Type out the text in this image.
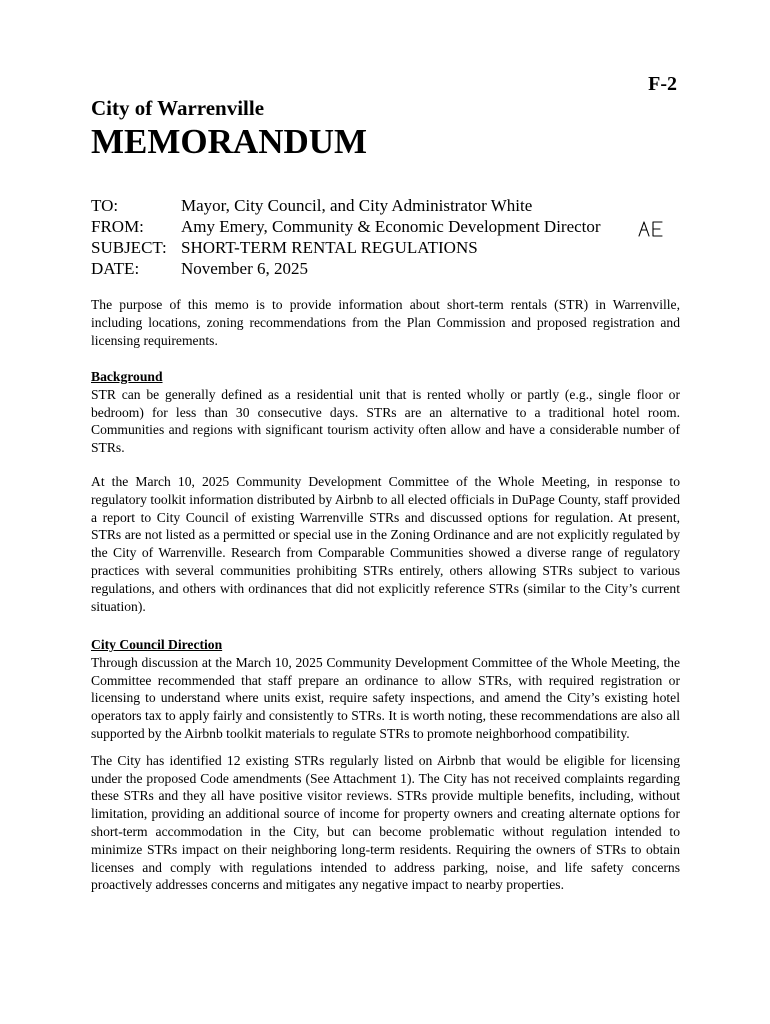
F-2
City of Warrenville
MEMORANDUM
TO:	Mayor, City Council, and City Administrator White
FROM:	Amy Emery, Community & Economic Development Director
SUBJECT: SHORT-TERM RENTAL REGULATIONS
DATE:	November 6, 2025

The purpose of this memo is to provide information about short-term rentals (STR) in Warrenville, including locations, zoning recommendations from the Plan Commission and proposed registration and licensing requirements.

Background

STR can be generally defined as a residential unit that is rented wholly or partly (e.g., single floor or bedroom) for less than 30 consecutive days. STRs are an alternative to a traditional hotel room. Communities and regions with significant tourism activity often allow and have a considerable number of STRs.

At the March 10, 2025 Community Development Committee of the Whole Meeting, in response to regulatory toolkit information distributed by Airbnb to all elected officials in DuPage County, staff provided a report to City Council of existing Warrenville STRs and discussed options for regulation. At present, STRs are not listed as a permitted or special use in the Zoning Ordinance and are not explicitly regulated by the City of Warrenville. Research from Comparable Communities showed a diverse range of regulatory practices with several communities prohibiting STRs entirely, others allowing STRs subject to various regulations, and others with ordinances that did not explicitly reference STRs (similar to the City’s current situation).

City Council Direction

Through discussion at the March 10, 2025 Community Development Committee of the Whole Meeting, the Committee recommended that staff prepare an ordinance to allow STRs, with required registration or licensing to understand where units exist, require safety inspections, and amend the City’s existing hotel operators tax to apply fairly and consistently to STRs. It is worth noting, these recommendations are also all supported by the Airbnb toolkit materials to regulate STRs to promote neighborhood compatibility.

The City has identified 12 existing STRs regularly listed on Airbnb that would be eligible for licensing under the proposed Code amendments (See Attachment 1). The City has not received complaints regarding these STRs and they all have positive visitor reviews. STRs provide multiple benefits, including, without limitation, providing an additional source of income for property owners and creating alternate options for short-term accommodation in the City, but can become problematic without regulation intended to minimize STRs impact on their neighboring long-term residents. Requiring the owners of STRs to obtain licenses and comply with regulations intended to address parking, noise, and life safety concerns proactively addresses concerns and mitigates any negative impact to nearby properties.
